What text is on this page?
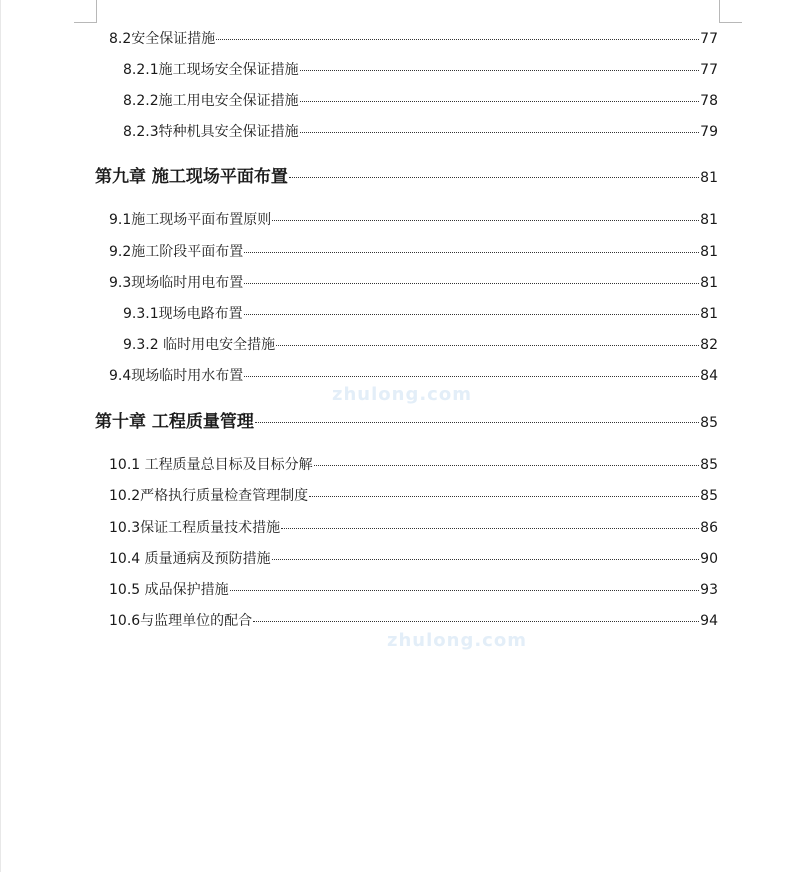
zhulong.com
zhulong.com
8.2安全保证措施	77
8.2.1施工现场安全保证措施	77
8.2.2施工用电安全保证措施	78
8.2.3特种机具安全保证措施	79
第九章 施工现场平面布置	81
9.1施工现场平面布置原则	81
9.2施工阶段平面布置	81
9.3现场临时用电布置	81
9.3.1现场电路布置	81
9.3.2 临时用电安全措施	82
9.4现场临时用水布置	84
第十章 工程质量管理	85
10.1 工程质量总目标及目标分解	85
10.2严格执行质量检查管理制度	85
10.3保证工程质量技术措施	86
10.4 质量通病及预防措施	90
10.5 成品保护措施	93
10.6与监理单位的配合	94
